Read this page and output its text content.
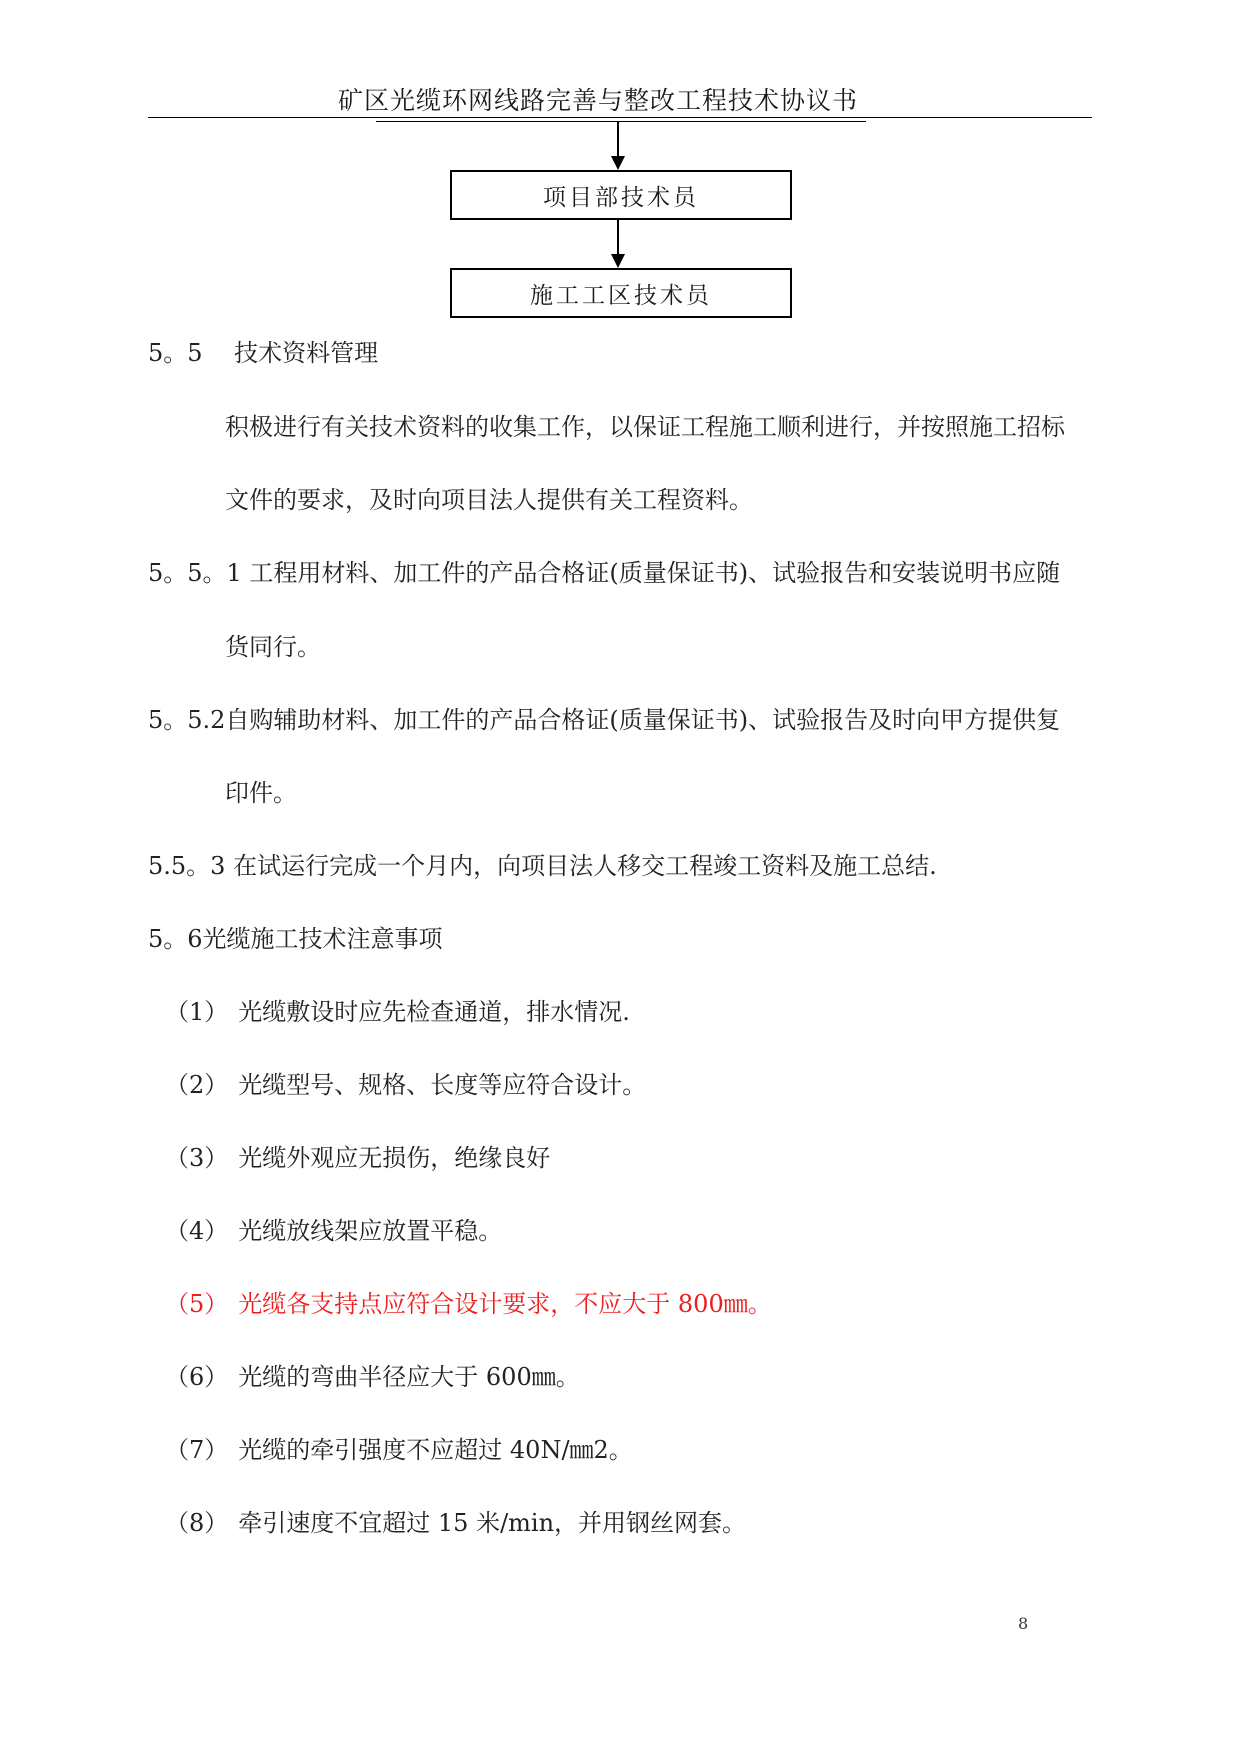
矿区光缆环网线路完善与整改工程技术协议书
项目部技术员
施工工区技术员
5。5　 技术资料管理
积极进行有关技术资料的收集工作，以保证工程施工顺利进行，并按照施工招标
文件的要求，及时向项目法人提供有关工程资料。
5。5。1 工程用材料、加工件的产品合格证(质量保证书)、试验报告和安装说明书应随
货同行。
5。5.2自购辅助材料、加工件的产品合格证(质量保证书)、试验报告及时向甲方提供复
印件。
5.5。3 在试运行完成一个月内，向项目法人移交工程竣工资料及施工总结.
5。6光缆施工技术注意事项
（1） 光缆敷设时应先检查通道，排水情况.
（2） 光缆型号、规格、长度等应符合设计。
（3） 光缆外观应无损伤，绝缘良好
（4） 光缆放线架应放置平稳。
（5） 光缆各支持点应符合设计要求，不应大于 800㎜。
（6） 光缆的弯曲半径应大于 600㎜。
（7） 光缆的牵引强度不应超过 40N/㎜2。
（8） 牵引速度不宜超过 15 米/min，并用钢丝网套。
8
